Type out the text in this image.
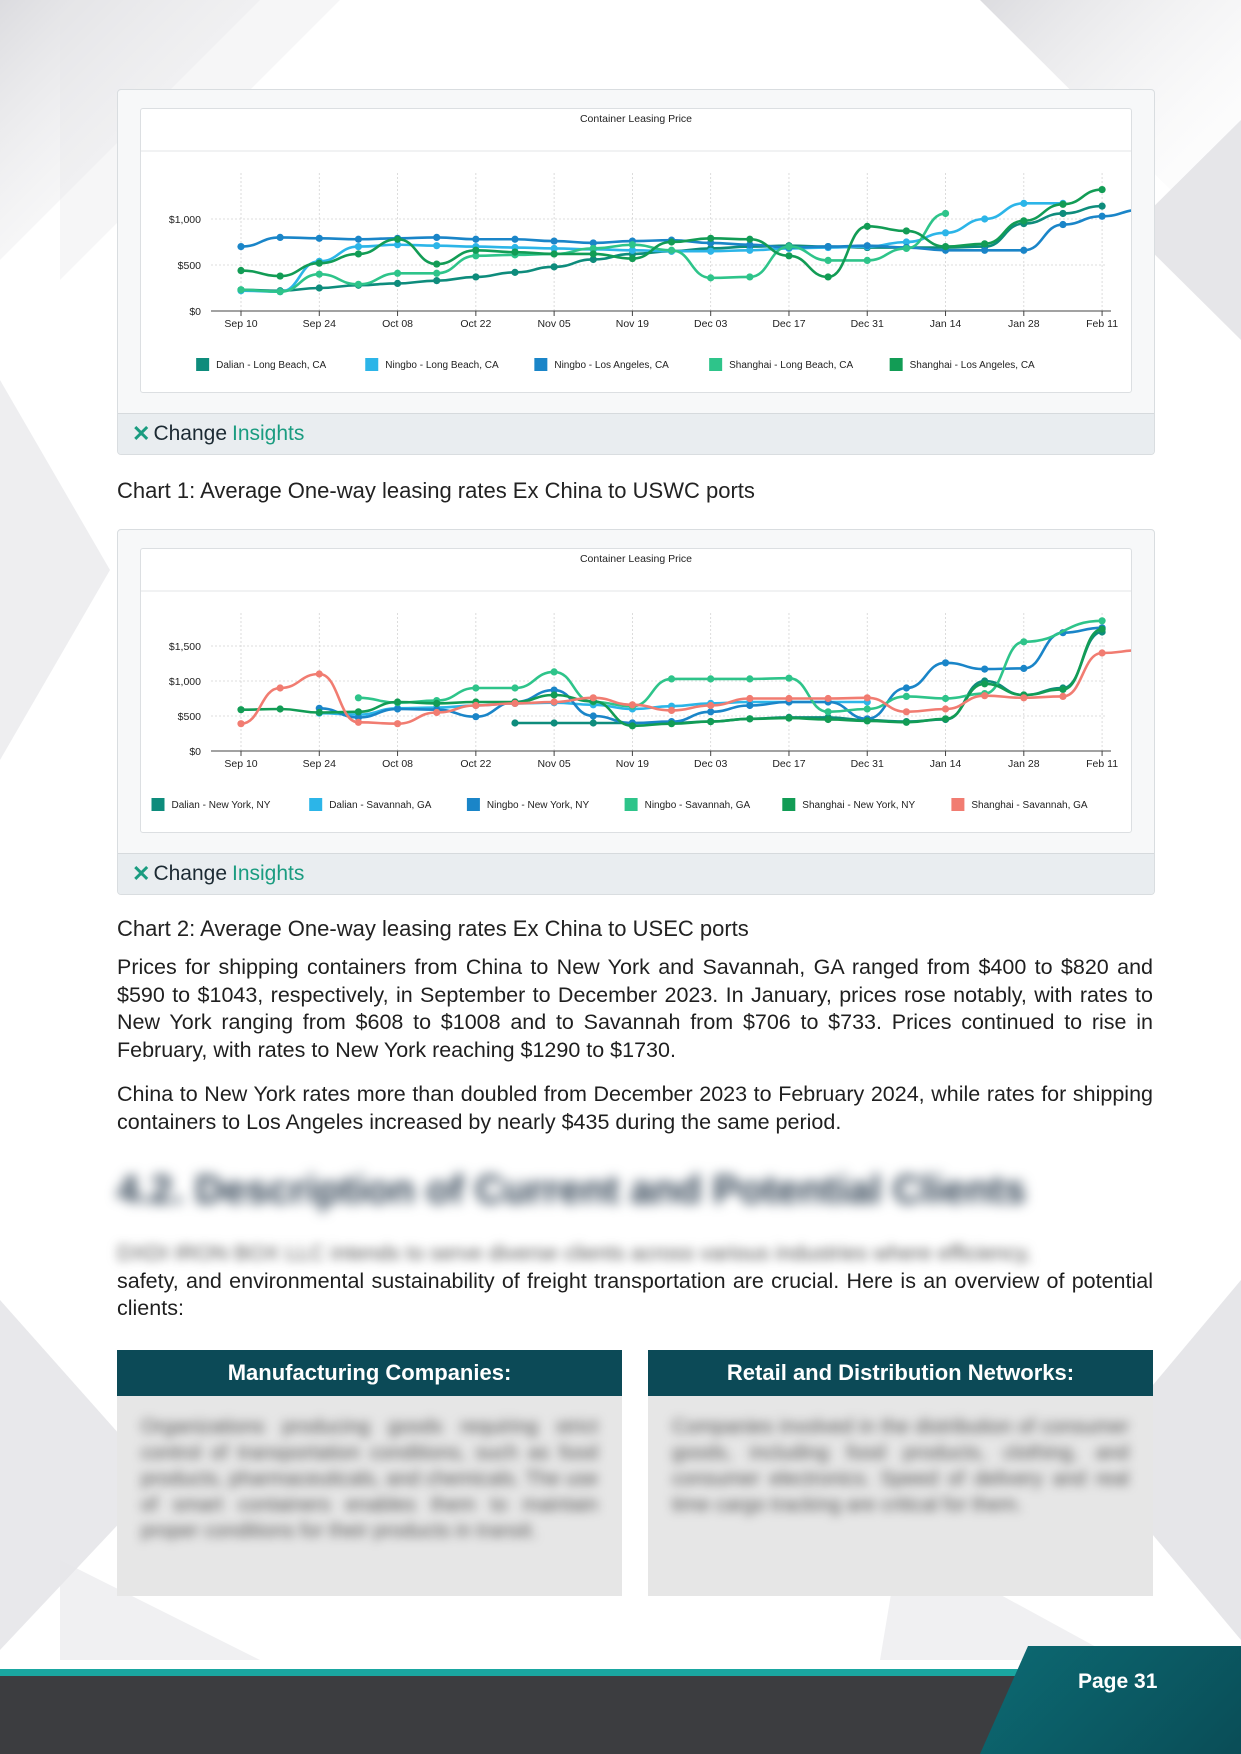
Container Leasing Price
Sep 10	Sep 24	Oct 08	Oct 22	Nov 05	Nov 19	Dec 03	Dec 17	Dec 31	Jan 14	Jan 28	Feb 11
$0
$500
$1,000
Dalian - Long Beach, CA	Ningbo - Long Beach, CA	Ningbo - Los Angeles, CA	Shanghai - Long Beach, CA	Shanghai - Los Angeles, CA
✕ Change Insights
Chart 1: Average One-way leasing rates Ex China to USWC ports
Container Leasing Price
Sep 10	Sep 24	Oct 08	Oct 22	Nov 05	Nov 19	Dec 03	Dec 17	Dec 31	Jan 14	Jan 28	Feb 11
$0
$500
$1,000
$1,500
Dalian - New York, NY	Dalian - Savannah, GA	Ningbo - New York, NY	Ningbo - Savannah, GA	Shanghai - New York, NY	Shanghai - Savannah, GA
✕ Change Insights
Chart 2: Average One-way leasing rates Ex China to USEC ports

Prices for shipping containers from China to New York and Savannah, GA ranged from $400 to $820 and $590 to $1043, respectively, in September to December 2023. In January, prices rose notably, with rates to New York ranging from $608 to $1008 and to Savannah from $706 to $733. Prices continued to rise in February, with rates to New York reaching $1290 to $1730.

China to New York rates more than doubled from December 2023 to February 2024, while rates for shipping containers to Los Angeles increased by nearly $435 during the same period.

4.2. Description of Current and Potential Clients

DXDI IRON BOX LLC intends to serve diverse clients across various industries where efficiency,
safety, and environmental sustainability of freight transportation are crucial. Here is an overview of potential clients:

Manufacturing Companies:
Organizations producing goods requiring strict control of transportation conditions, such as food products, pharmaceuticals, and chemicals. The use of smart containers enables them to maintain proper conditions for their products in transit.
Retail and Distribution Networks:
Companies involved in the distribution of consumer goods, including food products, clothing, and consumer electronics. Speed of delivery and real time cargo tracking are critical for them.
Page 31
